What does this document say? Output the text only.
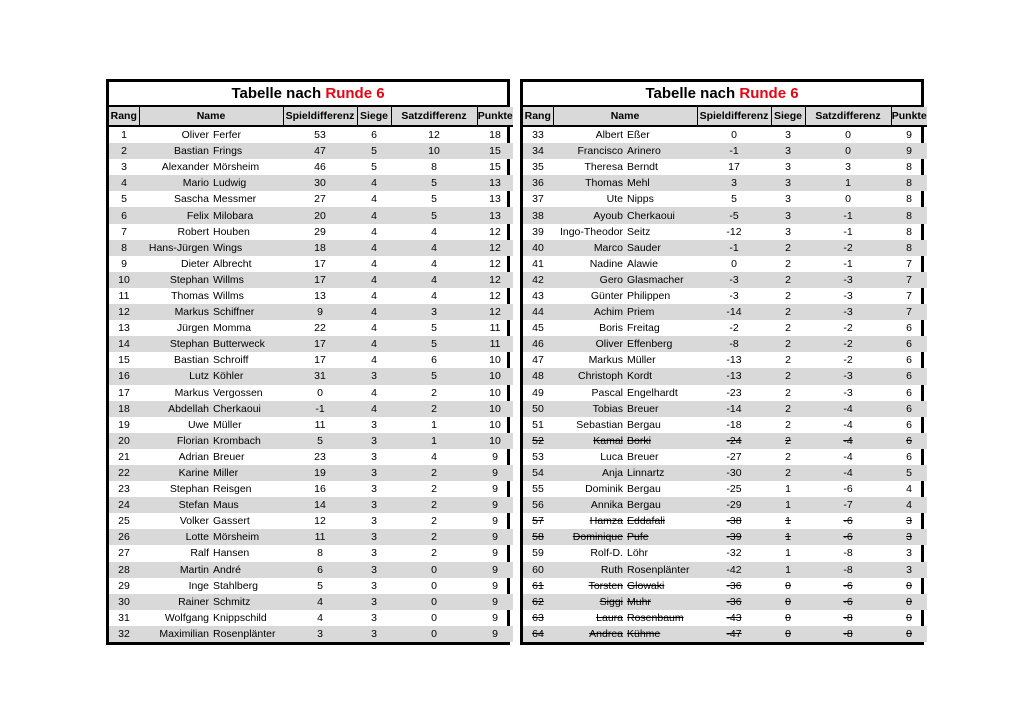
Tabelle nach Runde 6
Rang	Name		Spieldifferenz	Siege	Satzdifferenz	Punkte
1	Oliver	Ferfer	53	6	12	18
2	Bastian	Frings	47	5	10	15
3	Alexander	Mörsheim	46	5	8	15
4	Mario	Ludwig	30	4	5	13
5	Sascha	Messmer	27	4	5	13
6	Felix	Milobara	20	4	5	13
7	Robert	Houben	29	4	4	12
8	Hans-Jürgen	Wings	18	4	4	12
9	Dieter	Albrecht	17	4	4	12
10	Stephan	Willms	17	4	4	12
11	Thomas	Willms	13	4	4	12
12	Markus	Schiffner	9	4	3	12
13	Jürgen	Momma	22	4	5	11
14	Stephan	Butterweck	17	4	5	11
15	Bastian	Schroiff	17	4	6	10
16	Lutz	Köhler	31	3	5	10
17	Markus	Vergossen	0	4	2	10
18	Abdellah	Cherkaoui	-1	4	2	10
19	Uwe	Müller	11	3	1	10
20	Florian	Krombach	5	3	1	10
21	Adrian	Breuer	23	3	4	9
22	Karine	Miller	19	3	2	9
23	Stephan	Reisgen	16	3	2	9
24	Stefan	Maus	14	3	2	9
25	Volker	Gassert	12	3	2	9
26	Lotte	Mörsheim	11	3	2	9
27	Ralf	Hansen	8	3	2	9
28	Martin	André	6	3	0	9
29	Inge	Stahlberg	5	3	0	9
30	Rainer	Schmitz	4	3	0	9
31	Wolfgang	Knippschild	4	3	0	9
32	Maximilian	Rosenplänter	3	3	0	9
Tabelle nach Runde 6
Rang	Name		Spieldifferenz	Siege	Satzdifferenz	Punkte
33	Albert	Eßer	0	3	0	9
34	Francisco	Arinero	-1	3	0	9
35	Theresa	Berndt	17	3	3	8
36	Thomas	Mehl	3	3	1	8
37	Ute	Nipps	5	3	0	8
38	Ayoub	Cherkaoui	-5	3	-1	8
39	Ingo-Theodor	Seitz	-12	3	-1	8
40	Marco	Sauder	-1	2	-2	8
41	Nadine	Alawie	0	2	-1	7
42	Gero	Glasmacher	-3	2	-3	7
43	Günter	Philippen	-3	2	-3	7
44	Achim	Priem	-14	2	-3	7
45	Boris	Freitag	-2	2	-2	6
46	Oliver	Effenberg	-8	2	-2	6
47	Markus	Müller	-13	2	-2	6
48	Christoph	Kordt	-13	2	-3	6
49	Pascal	Engelhardt	-23	2	-3	6
50	Tobias	Breuer	-14	2	-4	6
51	Sebastian	Bergau	-18	2	-4	6
52	Kamal	Borki	-24	2	-4	6
53	Luca	Breuer	-27	2	-4	6
54	Anja	Linnartz	-30	2	-4	5
55	Dominik	Bergau	-25	1	-6	4
56	Annika	Bergau	-29	1	-7	4
57	Hamza	Eddafali	-38	1	-6	3
58	Dominique	Pufe	-39	1	-6	3
59	Rolf-D.	Löhr	-32	1	-8	3
60	Ruth	Rosenplänter	-42	1	-8	3
61	Torsten	Glowaki	-36	0	-6	0
62	Siggi	Muhr	-36	0	-6	0
63	Laura	Rosenbaum	-43	0	-8	0
64	Andrea	Kühme	-47	0	-8	0
